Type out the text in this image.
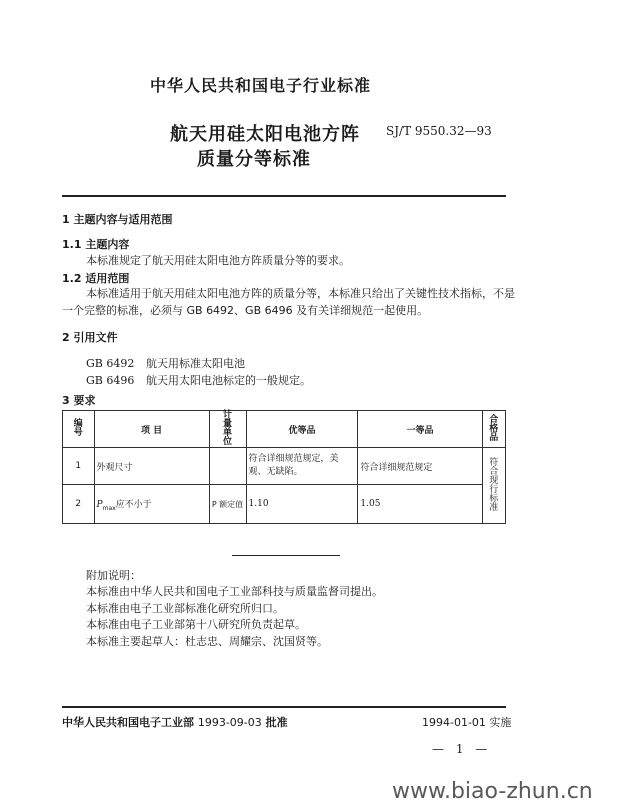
中华人民共和国电子行业标准
航天用硅太阳电池方阵
质量分等标准
SJ/T 9550.32—93
1 主题内容与适用范围
1.1 主题内容
本标准规定了航天用硅太阳电池方阵质量分等的要求。
1.2 适用范围
本标准适用于航天用硅太阳电池方阵的质量分等，本标准只给出了关键性技术指标，不是
一个完整的标准，必须与 GB 6492、GB 6496 及有关详细规范一起使用。
2 引用文件
GB 6492 航天用标准太阳电池
GB 6496 航天用太阳电池标定的一般规定。
3 要求
编号	项 目	计量单位	优等品	一等品	合格品
1	外观尺寸		符合详细规范规定，美观、无缺陷。	符合详细规范规定	符合现行标准
2	$P_{max}$应不小于	P 额定值	1.10	1.05	
附加说明：
本标准由中华人民共和国电子工业部科技与质量监督司提出。
本标准由电子工业部标准化研究所归口。
本标准由电子工业部第十八研究所负责起草。
本标准主要起草人：杜志忠、周耀宗、沈国贤等。
中华人民共和国电子工业部 1993-09-03 批准	1994-01-01 实施
— 1 —
www.biao-zhun.cn
